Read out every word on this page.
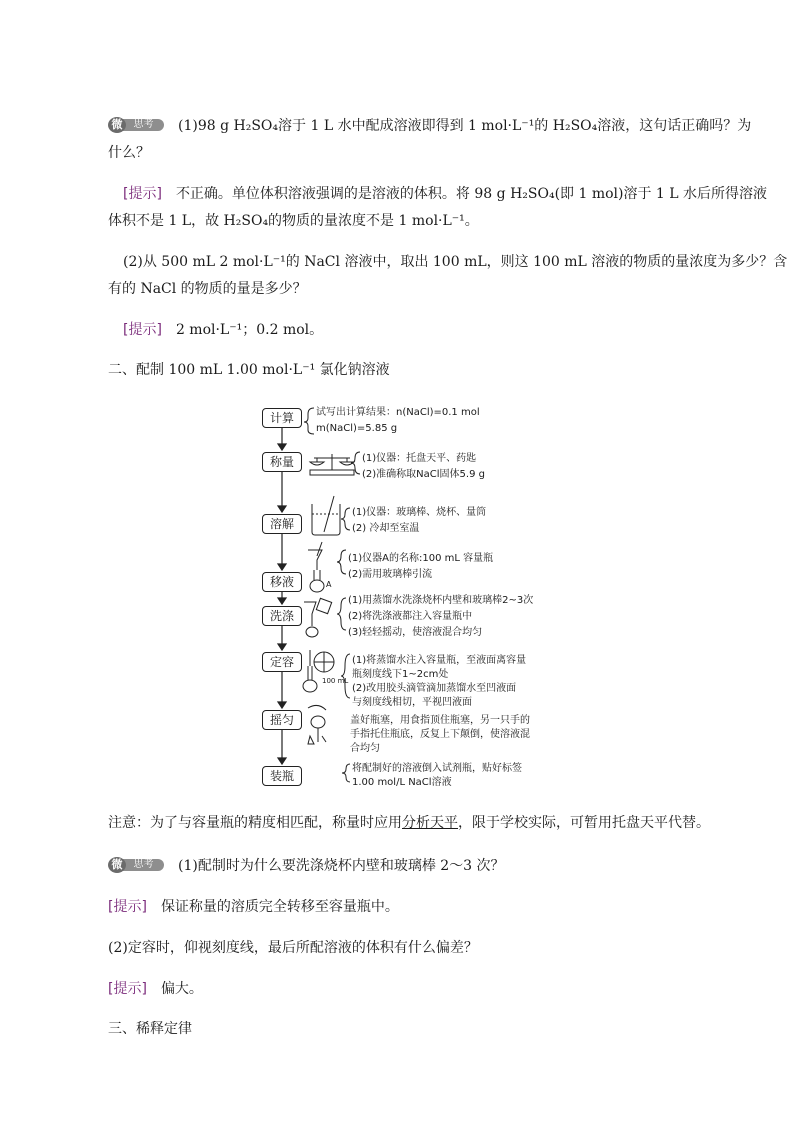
思考
微	(1)98 g H₂SO₄溶于 1 L 水中配成溶液即得到 1 mol·L⁻¹的 H₂SO₄溶液，这句话正确吗？为
什么？
[提示] 不正确。单位体积溶液强调的是溶液的体积。将 98 g H₂SO₄(即 1 mol)溶于 1 L 水后所得溶液
体积不是 1 L，故 H₂SO₄的物质的量浓度不是 1 mol·L⁻¹。
(2)从 500 mL 2 mol·L⁻¹的 NaCl 溶液中，取出 100 mL，则这 100 mL 溶液的物质的量浓度为多少？含
有的 NaCl 的物质的量是多少？
[提示] 2 mol·L⁻¹；0.2 mol。
二、配制 100 mL 1.00 mol·L⁻¹ 氯化钠溶液
计算
称量
溶解
移液
洗涤
定容
摇匀
装瓶
试写出计算结果：n(NaCl)=0.1 mol
m(NaCl)=5.85 g
(1)仪器：托盘天平、药匙
(2)准确称取NaCl固体5.9 g
(1)仪器：玻璃棒、烧杯、量筒
(2) 冷却至室温
(1)仪器A的名称:100 mL 容量瓶
(2)需用玻璃棒引流
A
(1)用蒸馏水洗涤烧杯内壁和玻璃棒2~3次
(2)将洗涤液都注入容量瓶中
(3)轻轻摇动，使溶液混合均匀
(1)将蒸馏水注入容量瓶，至液面离容量
瓶刻度线下1~2cm处
(2)改用胶头滴管滴加蒸馏水至凹液面
与刻度线相切，平视凹液面
100 mL
盖好瓶塞，用食指顶住瓶塞，另一只手的
手指托住瓶底，反复上下颠倒，使溶液混
合均匀
将配制好的溶液倒入试剂瓶，贴好标签
1.00 mol/L NaCl溶液
注意：为了与容量瓶的精度相匹配，称量时应用分析天平，限于学校实际，可暂用托盘天平代替。
思考
微	(1)配制时为什么要洗涤烧杯内壁和玻璃棒 2～3 次？
[提示] 保证称量的溶质完全转移至容量瓶中。
(2)定容时，仰视刻度线，最后所配溶液的体积有什么偏差？
[提示] 偏大。
三、稀释定律
